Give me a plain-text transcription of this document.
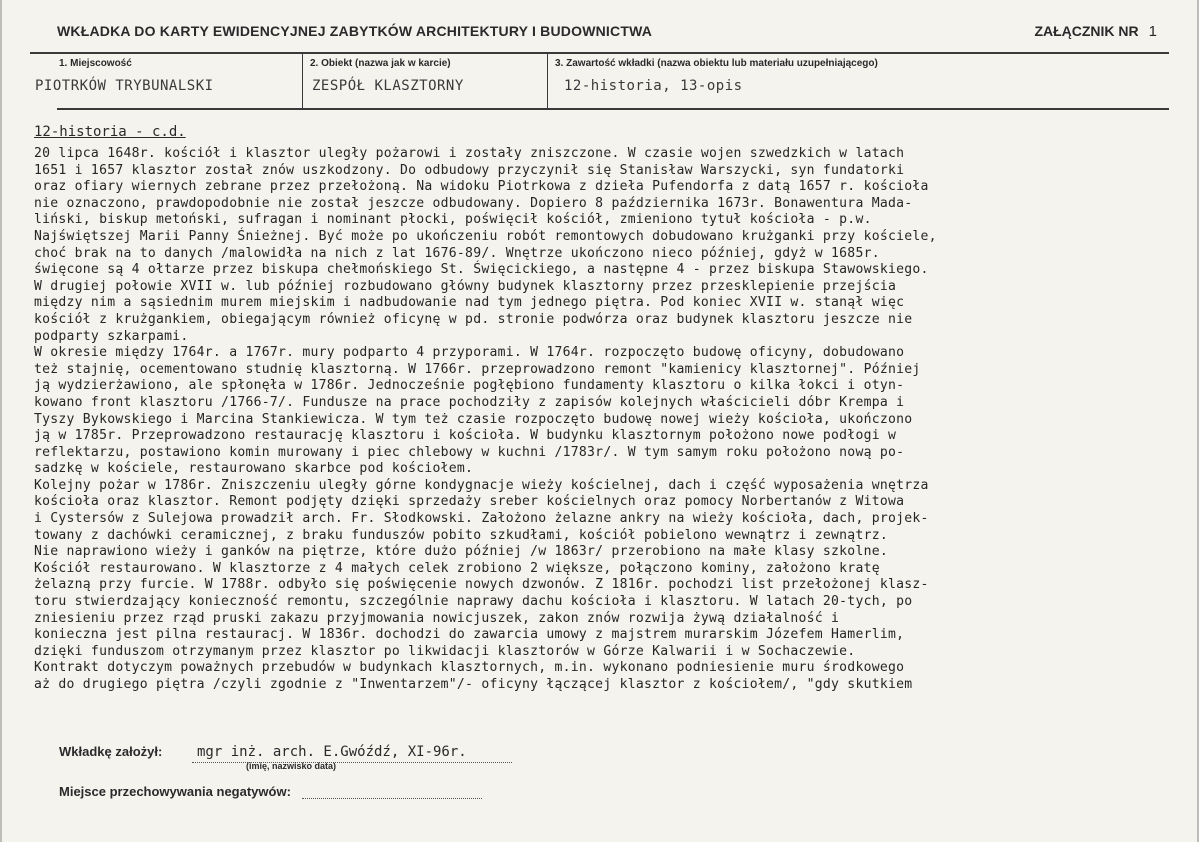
WKŁADKA DO KARTY EWIDENCYJNEJ ZABYTKÓW ARCHITEKTURY I BUDOWNICTWA	ZAŁĄCZNIK NR 1
1. Miejscowość
PIOTRKÓW TRYBUNALSKI
2. Obiekt (nazwa jak w karcie)
ZESPÓŁ KLASZTORNY
3. Zawartość wkładki (nazwa obiektu lub materiału uzupełniającego)
12-historia, 13-opis
12-historia - c.d.
20 lipca 1648r. kościół i klasztor uległy pożarowi i zostały zniszczone. W czasie wojen szwedzkich w latach
1651 i 1657 klasztor został znów uszkodzony. Do odbudowy przyczynił się Stanisław Warszycki, syn fundatorki
oraz ofiary wiernych zebrane przez przełożoną. Na widoku Piotrkowa z dzieła Pufendorfa z datą 1657 r. kościoła
nie oznaczono, prawdopodobnie nie został jeszcze odbudowany. Dopiero 8 października 1673r. Bonawentura Mada-
liński, biskup metoński, sufragan i nominant płocki, poświęcił kościół, zmieniono tytuł kościoła - p.w.
Najświętszej Marii Panny Śnieżnej. Być może po ukończeniu robót remontowych dobudowano krużganki przy kościele,
choć brak na to danych /malowidła na nich z lat 1676-89/. Wnętrze ukończono nieco później, gdyż w 1685r.
święcone są 4 ołtarze przez biskupa chełmońskiego St. Święcickiego, a następne 4 - przez biskupa Stawowskiego.
W drugiej połowie XVII w. lub później rozbudowano główny budynek klasztorny przez przesklepienie przejścia
między nim a sąsiednim murem miejskim i nadbudowanie nad tym jednego piętra. Pod koniec XVII w. stanął więc
kościół z krużgankiem, obiegającym również oficynę w pd. stronie podwórza oraz budynek klasztoru jeszcze nie
podparty szkarpami.
W okresie między 1764r. a 1767r. mury podparto 4 przyporami. W 1764r. rozpoczęto budowę oficyny, dobudowano
też stajnię, ocementowano studnię klasztorną. W 1766r. przeprowadzono remont "kamienicy klasztornej". Później
ją wydzierżawiono, ale spłonęła w 1786r. Jednocześnie pogłębiono fundamenty klasztoru o kilka łokci i otyn-
kowano front klasztoru /1766-7/. Fundusze na prace pochodziły z zapisów kolejnych właścicieli dóbr Krempa i
Tyszy Bykowskiego i Marcina Stankiewicza. W tym też czasie rozpoczęto budowę nowej wieży kościoła, ukończono
ją w 1785r. Przeprowadzono restaurację klasztoru i kościoła. W budynku klasztornym położono nowe podłogi w
reflektarzu, postawiono komin murowany i piec chlebowy w kuchni /1783r/. W tym samym roku położono nową po-
sadzkę w kościele, restaurowano skarbce pod kościołem.
Kolejny pożar w 1786r. Zniszczeniu uległy górne kondygnacje wieży kościelnej, dach i część wyposażenia wnętrza
kościoła oraz klasztor. Remont podjęty dzięki sprzedaży sreber kościelnych oraz pomocy Norbertanów z Witowa
i Cystersów z Sulejowa prowadził arch. Fr. Słodkowski. Założono żelazne ankry na wieży kościoła, dach, projek-
towany z dachówki ceramicznej, z braku funduszów pobito szkudłami, kościół pobielono wewnątrz i zewnątrz.
Nie naprawiono wieży i ganków na piętrze, które dużo później /w 1863r/ przerobiono na małe klasy szkolne.
Kościół restaurowano. W klasztorze z 4 małych celek zrobiono 2 większe, połączono kominy, założono kratę
żelazną przy furcie. W 1788r. odbyło się poświęcenie nowych dzwonów. Z 1816r. pochodzi list przełożonej klasz-
toru stwierdzający konieczność remontu, szczególnie naprawy dachu kościoła i klasztoru. W latach 20-tych, po
zniesieniu przez rząd pruski zakazu przyjmowania nowicjuszek, zakon znów rozwija żywą działalność i
konieczna jest pilna restauracj. W 1836r. dochodzi do zawarcia umowy z majstrem murarskim Józefem Hamerlim,
dzięki funduszom otrzymanym przez klasztor po likwidacji klasztorów w Górze Kalwarii i w Sochaczewie.
Kontrakt dotyczym poważnych przebudów w budynkach klasztornych, m.in. wykonano podniesienie muru środkowego
aż do drugiego piętra /czyli zgodnie z "Inwentarzem"/- oficyny łączącej klasztor z kościołem/, "gdy skutkiem
Wkładkę założył: mgr inż. arch. E.Gwóźdź, XI-96r.
(imię, nazwisko data)
Miejsce przechowywania negatywów:
